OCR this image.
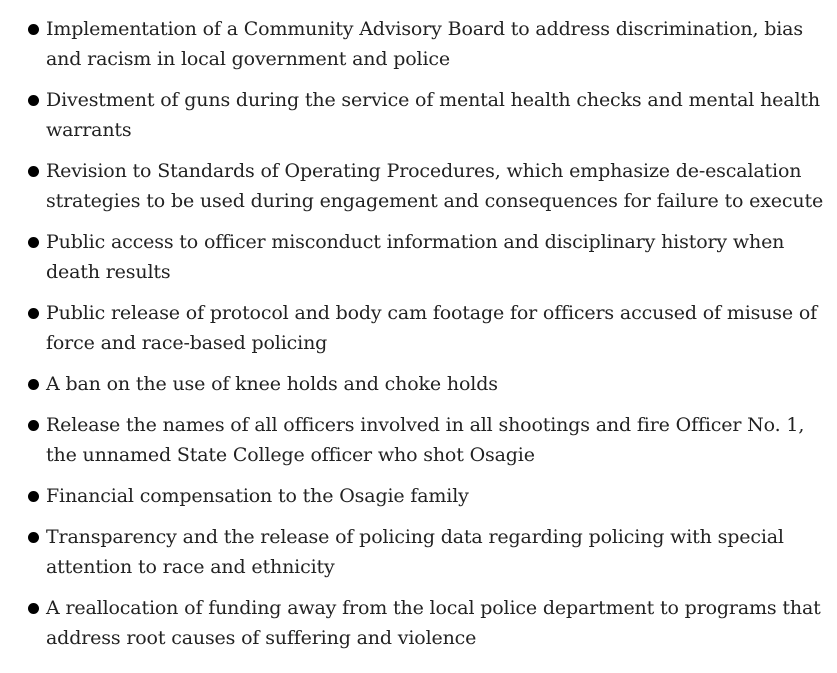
Implementation of a Community Advisory Board to address discrimination, bias and racism in local government and police
Divestment of guns during the service of mental health checks and mental health warrants
Revision to Standards of Operating Procedures, which emphasize de-escalation strategies to be used during engagement and consequences for failure to execute
Public access to officer misconduct information and disciplinary history when death results
Public release of protocol and body cam footage for officers accused of misuse of force and race-based policing
A ban on the use of knee holds and choke holds
Release the names of all officers involved in all shootings and fire Officer No. 1, the unnamed State College officer who shot Osagie
Financial compensation to the Osagie family
Transparency and the release of policing data regarding policing with special attention to race and ethnicity
A reallocation of funding away from the local police department to programs that address root causes of suffering and violence
